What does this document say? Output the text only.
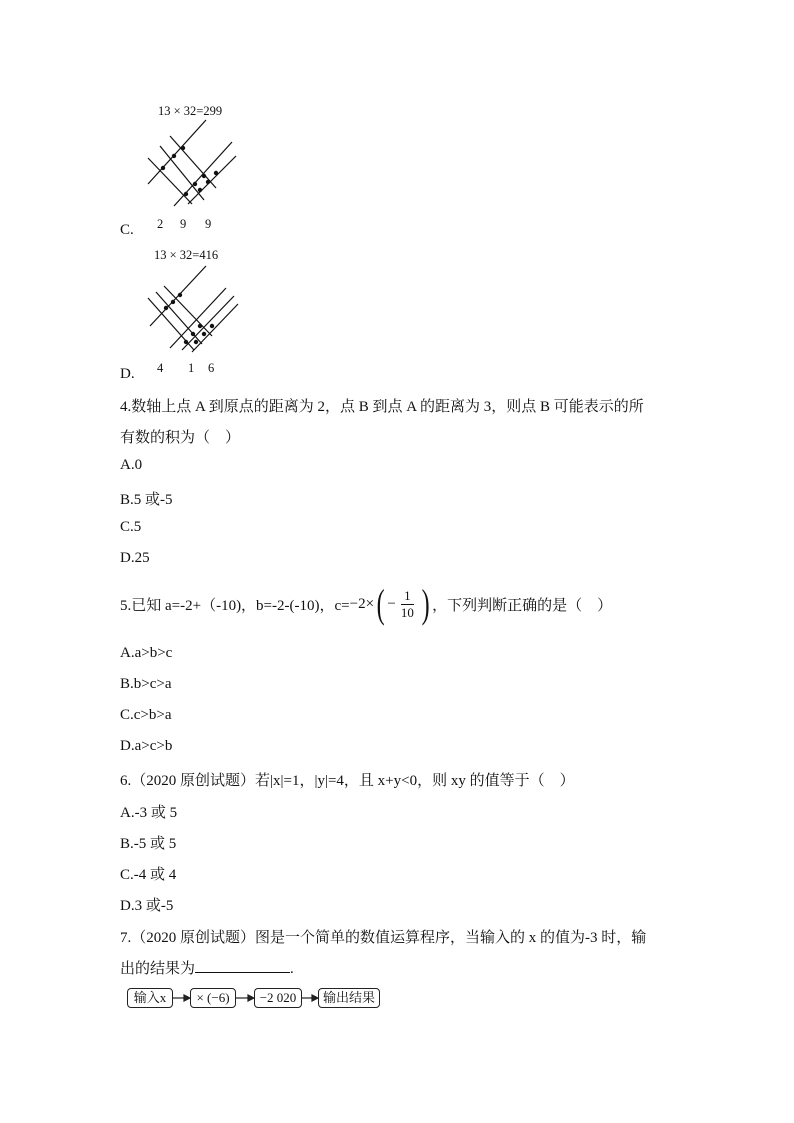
13 × 32=299
C. 2 9 9
13 × 32=416
D. 4 1 6
4.数轴上点 A 到原点的距离为 2，点 B 到点 A 的距离为 3，则点 B 可能表示的所
有数的积为（　）
A.0
B.5 或-5
C.5
D.25
5.已知 a=-2+（-10)，b=-2-(-10)，c= −2× ( − $\frac{1}{10}$ ) ，下列判断正确的是（　）
A.a>b>c
B.b>c>a
C.c>b>a
D.a>c>b
6.（2020 原创试题）若|x|=1，|y|=4，且 x+y<0，则 xy 的值等于（　）
A.-3 或 5
B.-5 或 5
C.-4 或 4
D.3 或-5
7.（2020 原创试题）图是一个简单的数值运算程序，当输入的 x 的值为-3 时，输
出的结果为	.
输入x	× (−6)	−2 020	输出结果
